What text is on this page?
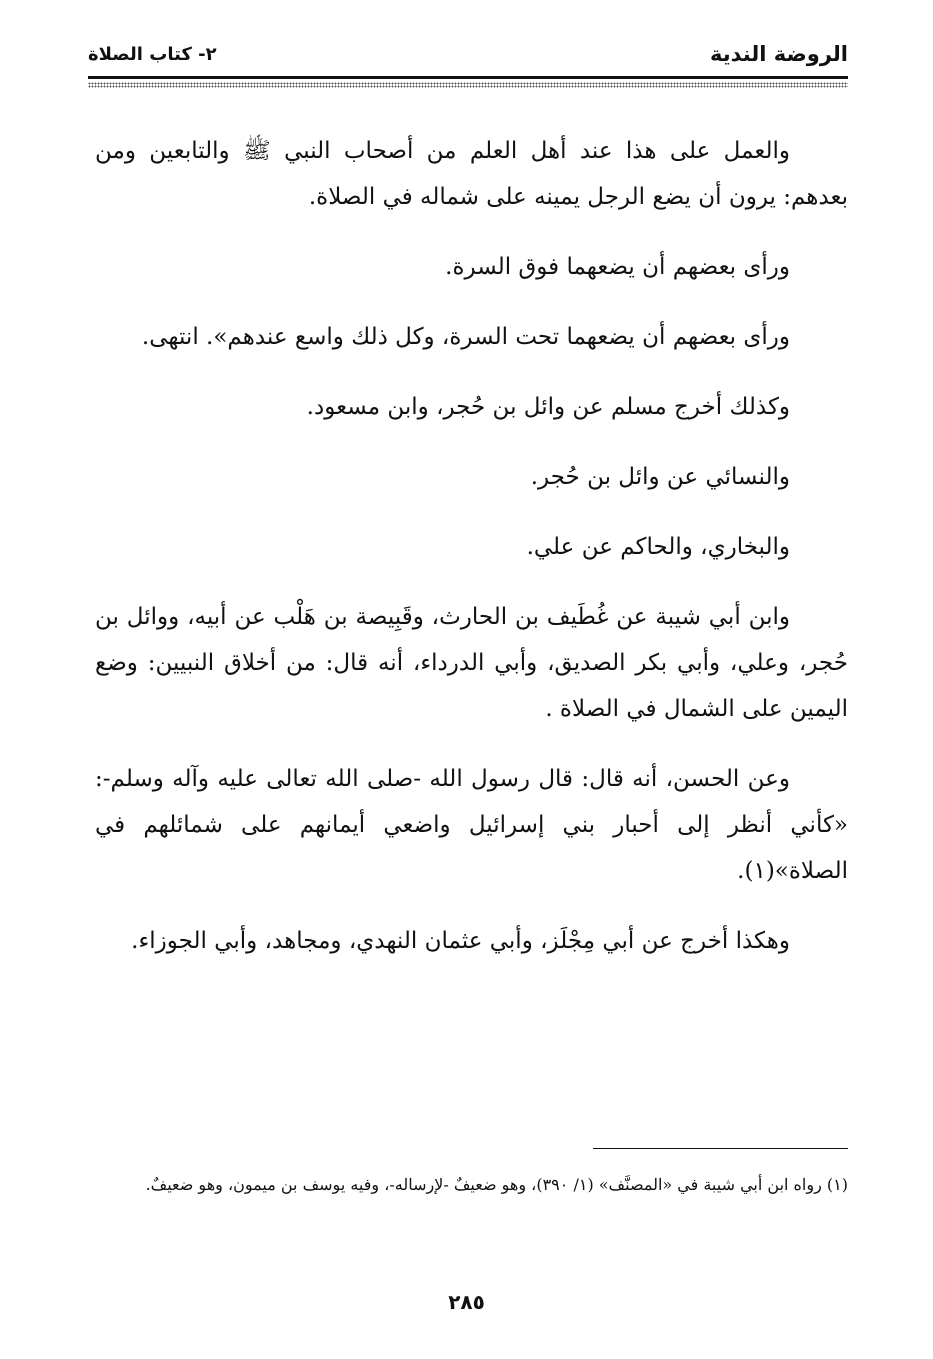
الروضة الندية
٢- كتاب الصلاة

والعمل على هذا عند أهل العلم من أصحاب النبي ﷺ والتابعين ومن بعدهم: يرون أن يضع الرجل يمينه على شماله في الصلاة.

ورأى بعضهم أن يضعهما فوق السرة.

ورأى بعضهم أن يضعهما تحت السرة، وكل ذلك واسع عندهم». انتهى.

وكذلك أخرج مسلم عن وائل بن حُجر، وابن مسعود.

والنسائي عن وائل بن حُجر.

والبخاري، والحاكم عن علي.

وابن أبي شيبة عن غُطَيف بن الحارث، وقَبِيصة بن هَلْب عن أبيه، ووائل بن حُجر، وعلي، وأبي بكر الصديق، وأبي الدرداء، أنه قال: من أخلاق النبيين: وضع اليمين على الشمال في الصلاة .

وعن الحسن، أنه قال: قال رسول الله -صلى الله تعالى عليه وآله وسلم-: «كأني أنظر إلى أحبار بني إسرائيل واضعي أيمانهم على شمائلهم في الصلاة»(١).

وهكذا أخرج عن أبي مِجْلَز، وأبي عثمان النهدي، ومجاهد، وأبي الجوزاء.

(١) رواه ابن أبي شيبة في «المصنَّف» (١/ ٣٩٠)، وهو ضعيفٌ -لإرساله-، وفيه يوسف بن ميمون، وهو ضعيفٌ.

٢٨٥
